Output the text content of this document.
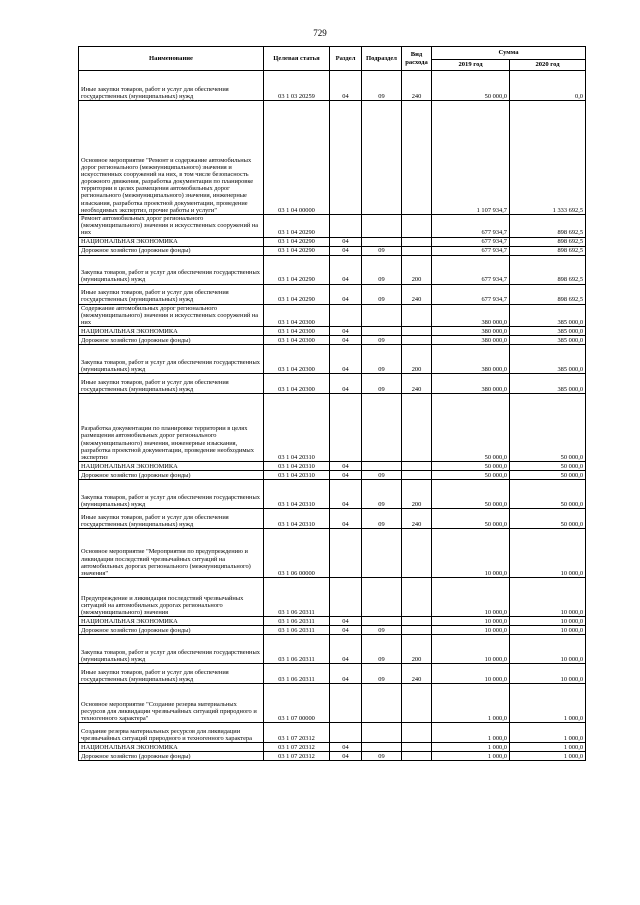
729
Наименование	Целевая статья	Раздел	Подраздел	Вид расхода	Сумма	
					2019 год	2020 год
Иные закупки товаров, работ и услуг для обеспечения государственных (муниципальных) нужд	03 1 03 20259	04	09	240	50 000,0	0,0
Основное мероприятие "Ремонт и содержание автомобильных дорог регионального (межмуниципального) значения и искусственных сооружений на них, в том числе безопасность дорожного движения, разработка документации по планировке территории в целях размещения автомобильных дорог регионального (межмуниципального) значения, инженерные изыскания, разработка проектной документации, проведение необходимых экспертиз, прочие работы и услуги"	03 1 04 00000				1 107 934,7	1 333 692,5
Ремонт автомобильных дорог регионального (межмуниципального) значения и искусственных сооружений на них	03 1 04 20290				677 934,7	898 692,5
НАЦИОНАЛЬНАЯ ЭКОНОМИКА	03 1 04 20290	04			677 934,7	898 692,5
Дорожное хозяйство (дорожные фонды)	03 1 04 20290	04	09		677 934,7	898 692,5
Закупка товаров, работ и услуг для обеспечения государственных (муниципальных) нужд	03 1 04 20290	04	09	200	677 934,7	898 692,5
Иные закупки товаров, работ и услуг для обеспечения государственных (муниципальных) нужд	03 1 04 20290	04	09	240	677 934,7	898 692,5
Содержание автомобильных дорог регионального (межмуниципального) значения и искусственных сооружений на них	03 1 04 20300				380 000,0	385 000,0
НАЦИОНАЛЬНАЯ ЭКОНОМИКА	03 1 04 20300	04			380 000,0	385 000,0
Дорожное хозяйство (дорожные фонды)	03 1 04 20300	04	09		380 000,0	385 000,0
Закупка товаров, работ и услуг для обеспечения государственных (муниципальных) нужд	03 1 04 20300	04	09	200	380 000,0	385 000,0
Иные закупки товаров, работ и услуг для обеспечения государственных (муниципальных) нужд	03 1 04 20300	04	09	240	380 000,0	385 000,0
Разработка документации по планировке территории в целях размещения автомобильных дорог регионального (межмуниципального) значения, инженерные изыскания, разработка проектной документации, проведение необходимых экспертиз	03 1 04 20310				50 000,0	50 000,0
НАЦИОНАЛЬНАЯ ЭКОНОМИКА	03 1 04 20310	04			50 000,0	50 000,0
Дорожное хозяйство (дорожные фонды)	03 1 04 20310	04	09		50 000,0	50 000,0
Закупка товаров, работ и услуг для обеспечения государственных (муниципальных) нужд	03 1 04 20310	04	09	200	50 000,0	50 000,0
Иные закупки товаров, работ и услуг для обеспечения государственных (муниципальных) нужд	03 1 04 20310	04	09	240	50 000,0	50 000,0
Основное мероприятие "Мероприятия по предупреждению и ликвидации последствий чрезвычайных ситуаций на автомобильных дорогах регионального (межмуниципального) значения"	03 1 06 00000				10 000,0	10 000,0
Предупреждение и ликвидация последствий чрезвычайных ситуаций на автомобильных дорогах регионального (межмуниципального) значения	03 1 06 20311				10 000,0	10 000,0
НАЦИОНАЛЬНАЯ ЭКОНОМИКА	03 1 06 20311	04			10 000,0	10 000,0
Дорожное хозяйство (дорожные фонды)	03 1 06 20311	04	09		10 000,0	10 000,0
Закупка товаров, работ и услуг для обеспечения государственных (муниципальных) нужд	03 1 06 20311	04	09	200	10 000,0	10 000,0
Иные закупки товаров, работ и услуг для обеспечения государственных (муниципальных) нужд	03 1 06 20311	04	09	240	10 000,0	10 000,0
Основное мероприятие "Создание резерва материальных ресурсов для ликвидации чрезвычайных ситуаций природного и техногенного характера"	03 1 07 00000				1 000,0	1 000,0
Создание резерва материальных ресурсов для ликвидации чрезвычайных ситуаций природного и техногенного характера	03 1 07 20312				1 000,0	1 000,0
НАЦИОНАЛЬНАЯ ЭКОНОМИКА	03 1 07 20312	04			1 000,0	1 000,0
Дорожное хозяйство (дорожные фонды)	03 1 07 20312	04	09		1 000,0	1 000,0
